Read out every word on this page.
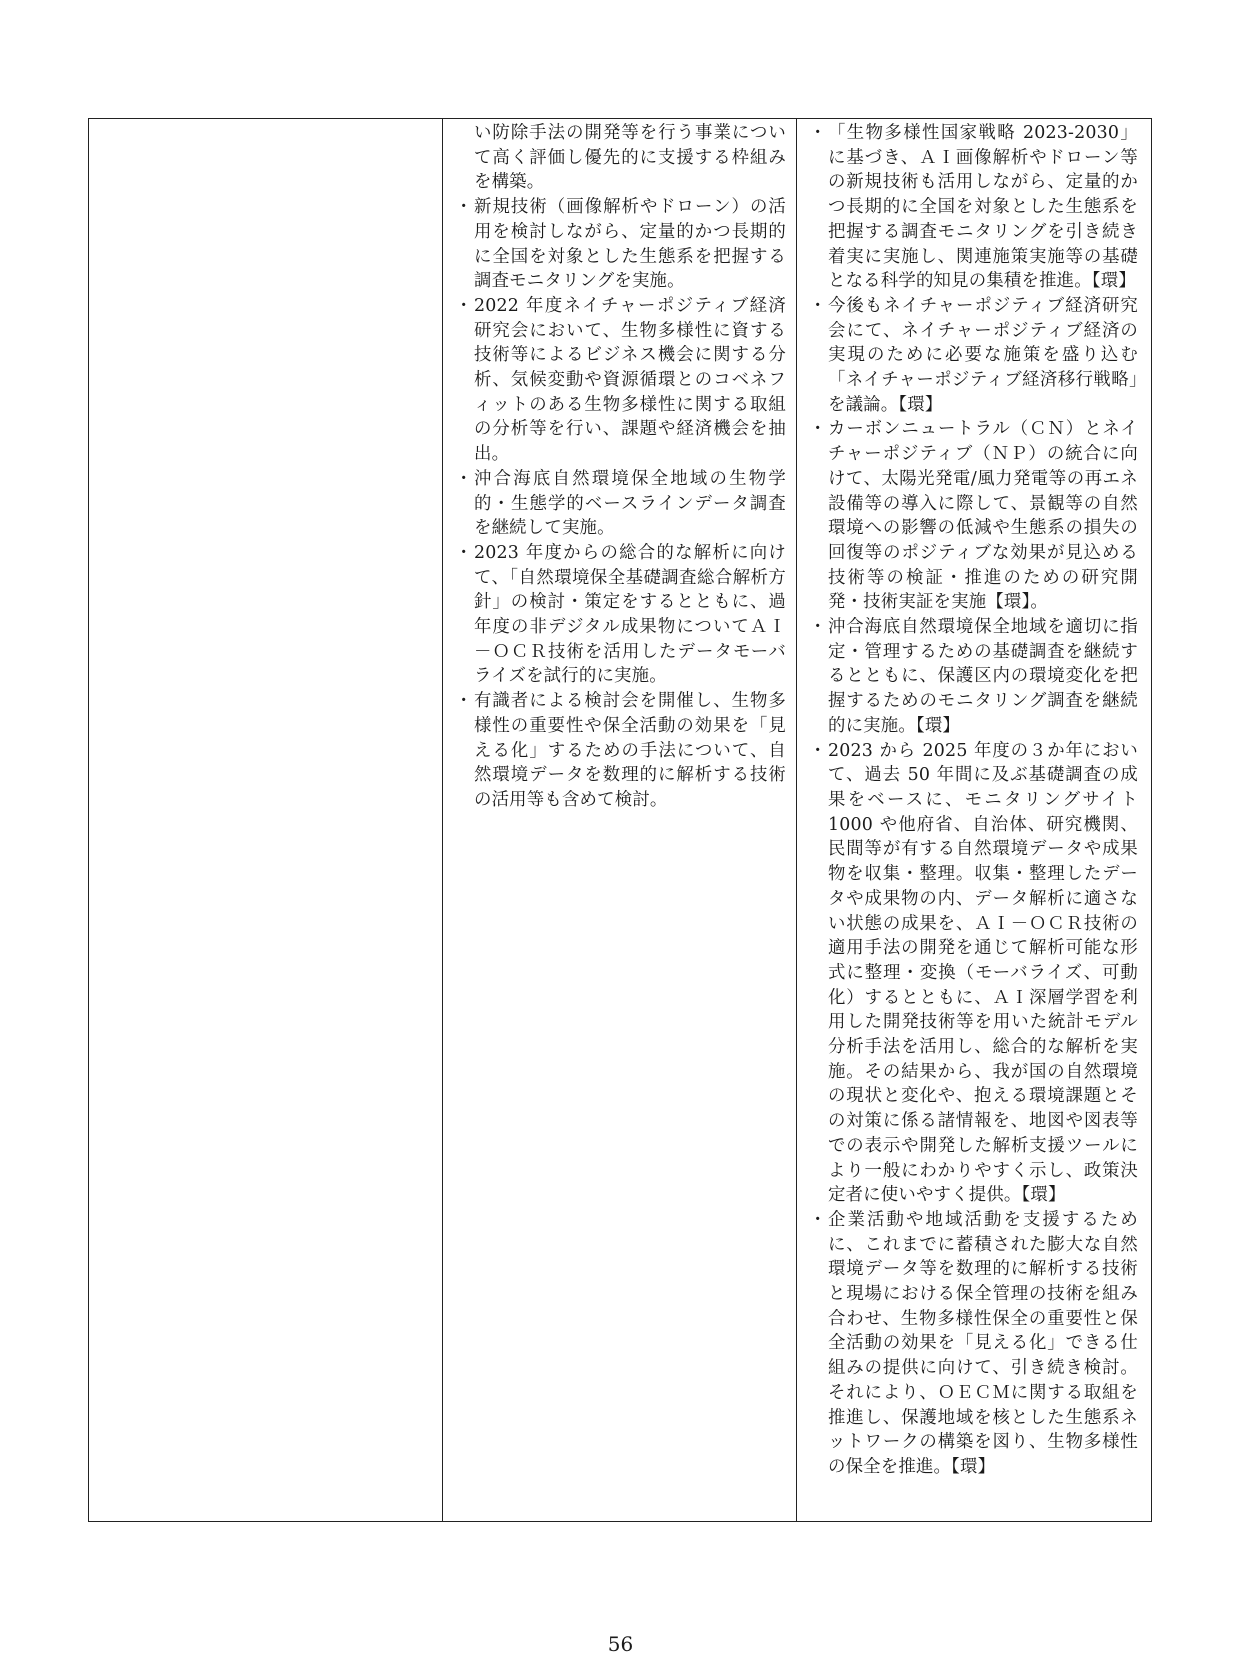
い防除手法の開発等を行う事業について高く評価し優先的に支援する枠組みを構築。
・ 新規技術（画像解析やドローン）の活用を検討しながら、定量的かつ長期的に全国を対象とした生態系を把握する調査モニタリングを実施。
・ 2022 年度ネイチャーポジティブ経済研究会において、生物多様性に資する技術等によるビジネス機会に関する分析、気候変動や資源循環とのコベネフィットのある生物多様性に関する取組の分析等を行い、課題や経済機会を抽出。
・ 沖合海底自然環境保全地域の生物学的・生態学的ベースラインデータ調査を継続して実施。
・ 2023 年度からの総合的な解析に向けて、「自然環境保全基礎調査総合解析方針」の検討・策定をするとともに、過年度の非デジタル成果物についてＡＩ－ＯＣＲ技術を活用したデータモーバライズを試行的に実施。
・ 有識者による検討会を開催し、生物多様性の重要性や保全活動の効果を「見える化」するための手法について、自然環境データを数理的に解析する技術の活用等も含めて検討。
・ 「生物多様性国家戦略 2023-2030」に基づき、ＡＩ画像解析やドローン等の新規技術も活用しながら、定量的かつ長期的に全国を対象とした生態系を把握する調査モニタリングを引き続き着実に実施し、関連施策実施等の基礎となる科学的知見の集積を推進。【環】
・ 今後もネイチャーポジティブ経済研究会にて、ネイチャーポジティブ経済の実現のために必要な施策を盛り込む「ネイチャーポジティブ経済移行戦略」を議論。【環】
・ カーボンニュートラル（ＣＮ）とネイチャーポジティブ（ＮＰ）の統合に向けて、太陽光発電/風力発電等の再エネ設備等の導入に際して、景観等の自然環境への影響の低減や生態系の損失の回復等のポジティブな効果が見込める技術等の検証・推進のための研究開発・技術実証を実施【環】。
・ 沖合海底自然環境保全地域を適切に指定・管理するための基礎調査を継続するとともに、保護区内の環境変化を把握するためのモニタリング調査を継続的に実施。【環】
・ 2023 から 2025 年度の３か年において、過去 50 年間に及ぶ基礎調査の成果をベースに、モニタリングサイト 1000 や他府省、自治体、研究機関、民間等が有する自然環境データや成果物を収集・整理。収集・整理したデータや成果物の内、データ解析に適さない状態の成果を、ＡＩ－ＯＣＲ技術の適用手法の開発を通じて解析可能な形式に整理・変換（モーバライズ、可動化）するとともに、ＡＩ深層学習を利用した開発技術等を用いた統計モデル分析手法を活用し、総合的な解析を実施。その結果から、我が国の自然環境の現状と変化や、抱える環境課題とその対策に係る諸情報を、地図や図表等での表示や開発した解析支援ツールにより一般にわかりやすく示し、政策決定者に使いやすく提供。【環】
・ 企業活動や地域活動を支援するために、これまでに蓄積された膨大な自然環境データ等を数理的に解析する技術と現場における保全管理の技術を組み合わせ、生物多様性保全の重要性と保全活動の効果を「見える化」できる仕組みの提供に向けて、引き続き検討。それにより、ＯＥＣＭに関する取組を推進し、保護地域を核とした生態系ネットワークの構築を図り、生物多様性の保全を推進。【環】
56
